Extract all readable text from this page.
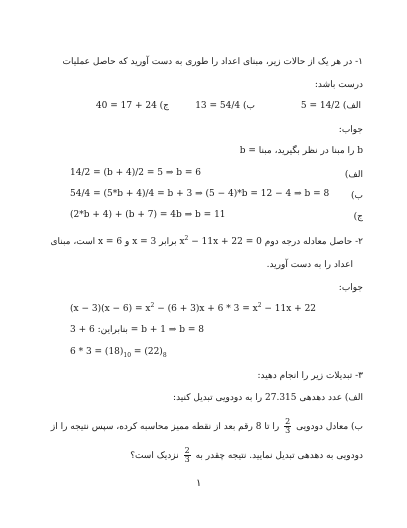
۱- در هر یک از حالات زیر، مبنای اعداد را طوری به دست آورید که حاصل عملیات
درست باشد:
الف) 14/2 = 5
ب) 54/4 = 13
ج) 24 + 17 = 40
جواب:
b را مبنا در نظر بگیرید، مبنا = b
الف)
14/2 = (b + 4)/2 = 5 ⇒ b = 6
ب)
54/4 = (5*b + 4)/4 = b + 3 ⇒ (5 − 4)*b = 12 − 4 ⇒ b = 8
ج)
(2*b + 4) + (b + 7) = 4b ⇒ b = 11
۲- حاصل معادله درجه دوم $x^2 - 11x + 22 = 0$ برابر x = 3 و x = 6 است، مبنای
اعداد را به دست آورید.
جواب:
$(x - 3)(x - 6) = x^2 - (6 + 3)x + 6 * 3 = x^2 - 11x + 22$
بنابراین: 6 + 3 = b + 1 ⇒ b = 8
$6 * 3 = (18)_{10} = (22)_8$
۳- تبدیلات زیر را انجام دهید:
الف) عدد دهدهی 27.315 را به دودویی تبدیل کنید:
ب) معادل دودویی
$\frac{2}{3}$
را تا 8 رقم بعد از نقطه ممیز محاسبه کرده، سپس نتیجه را از
دودویی به دهدهی تبدیل نمایید. نتیجه چقدر به
$\frac{2}{3}$
نزدیک است؟
۱
